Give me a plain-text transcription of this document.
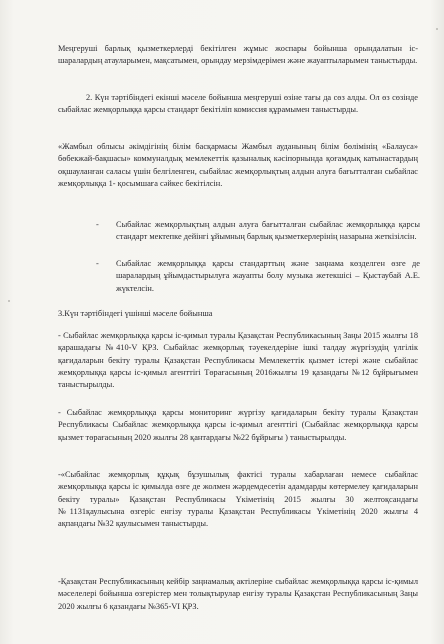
Меңгеруші барлық қызметкерлерді бекітілген жұмыс жоспары бойынша орындалатын іс-шаралардың атауларымен, мақсатымен, орындау мерзімдерімен және жауаптыларымен таныстырды.
2. Күн тәртібіндегі екінші мәселе бойынша меңгеруші өзіне тағы да сөз алды. Ол өз сөзінде сыбайлас жемқорлыққа қарсы стандарт бекітіліп комиссия құрамымен таныстырды.
«Жамбыл облысы әкімдігінің білім басқармасы Жамбыл ауданының білім бөлімінің «Балауса» бөбекжай-бақшасы» коммуналдық мемлекеттік қазыналық кәсіпорнында қоғамдық катынастардың оқшауланған саласы үшін белгіленген, сыбайлас жемқорлықтың алдын алуға бағытталған сыбайлас жемқорлыққа 1- қосымшаға сәйкес бекітілсін.
- Сыбайлас жемқорлықтың алдын алуға бағытталған сыбайлас жемқорлыққа қарсы стандарт мектепке дейінгі ұйымның барлық қызметкерлерінің назарына жеткізілсін.
- Сыбайлас жемқорлыққа қарсы стандарттың және заңнама көзделген өзге де шаралардың ұйымдастырылуға жауапты болу музыка жетекшісі – Қыстаубай А.Е. жүктелсін.
3.Күн тәртібіндегі үшінші мәселе бойынша
- Сыбайлас жемқорлыққа қарсы іс-қимыл туралы Қазақстан Республикасының Заңы 2015 жылғы 18 қарашадағы №410-V ҚРЗ. Сыбайлас жемқорлық тәуекелдеріне ішкі талдау жүргізудің үлгілік қағидаларын бекіту туралы Қазақстан Республикасы Мемлекеттік қызмет істері және сыбайлас жемқорлыққа қарсы іс-қимыл агенттігі Төрағасының 2016жылғы 19 қазандағы №12 бұйрығымен таныстырылды.
- Сыбайлас жемқорлыққа қарсы мониторинг жүргізу қағидаларын бекіту туралы Қазақстан Республикасы Сыбайлас жемқорлыққа қарсы іс-қимыл агенттігі (Сыбайлас жемқорлыққа қарсы қызмет төрағасының 2020 жылғы 28 қантардағы №22 бұйрығы ) таныстырылды.
-«Сыбайлас жемқорлық құқық бұзушылық фактісі туралы хабарлаған немесе сыбайлас жемқорлыққа қарсы іс қимылда өзге де жолмен жәрдемдесетін адамдарды көтермелеу қағидаларын бекіту туралы» Қазақстан Республикасы Үкіметінің 2015 жылғы 30 желтоқсандағы №1131қаулысына өзгеріс енгізу туралы Қазақстан Республикасы Үкіметінің 2020 жылғы 4 ақпандағы №32 қаулысымен таныстырды.
-Қазақстан Республикасының кейбір заңнамалық актілеріне сыбайлас жемқорлыққа қарсы іс-қимыл мәселелері бойынша өзгерістер мен толықтырулар енгізу туралы Қазақстан Республикасының Заңы 2020 жылғы 6 қазандағы №365-VI ҚРЗ.
